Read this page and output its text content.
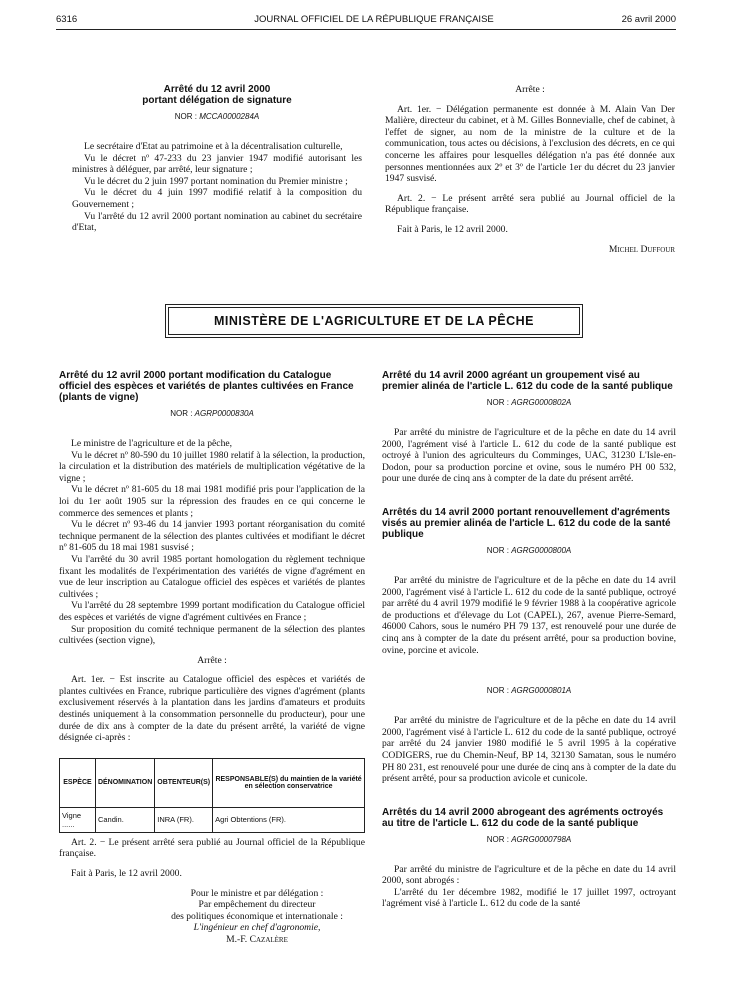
6316	JOURNAL OFFICIEL DE LA RÉPUBLIQUE FRANÇAISE	26 avril 2000
Arrêté du 12 avril 2000
portant délégation de signature
NOR : MCCA0000284A

Le secrétaire d'Etat au patrimoine et à la décentralisation culturelle,

Vu le décret nº 47-233 du 23 janvier 1947 modifié autorisant les ministres à déléguer, par arrêté, leur signature ;

Vu le décret du 2 juin 1997 portant nomination du Premier ministre ;

Vu le décret du 4 juin 1997 modifié relatif à la composition du Gouvernement ;

Vu l'arrêté du 12 avril 2000 portant nomination au cabinet du secrétaire d'Etat,

Arrête :

Art. 1er. − Délégation permanente est donnée à M. Alain Van Der Malière, directeur du cabinet, et à M. Gilles Bonnevialle, chef de cabinet, à l'effet de signer, au nom de la ministre de la culture et de la communication, tous actes ou décisions, à l'exclusion des décrets, en ce qui concerne les affaires pour lesquelles délégation n'a pas été donnée aux personnes mentionnées aux 2º et 3º de l'article 1er du décret du 23 janvier 1947 susvisé.

Art. 2. − Le présent arrêté sera publié au Journal officiel de la République française.

Fait à Paris, le 12 avril 2000.

Michel Duffour

MINISTÈRE DE L'AGRICULTURE ET DE LA PÊCHE
Arrêté du 12 avril 2000 portant modification du Catalogue officiel des espèces et variétés de plantes cultivées en France (plants de vigne)
NOR : AGRP0000830A

Le ministre de l'agriculture et de la pêche,

Vu le décret nº 80-590 du 10 juillet 1980 relatif à la sélection, la production, la circulation et la distribution des matériels de multiplication végétative de la vigne ;

Vu le décret nº 81-605 du 18 mai 1981 modifié pris pour l'application de la loi du 1er août 1905 sur la répression des fraudes en ce qui concerne le commerce des semences et plants ;

Vu le décret nº 93-46 du 14 janvier 1993 portant réorganisation du comité technique permanent de la sélection des plantes cultivées et modifiant le décret nº 81-605 du 18 mai 1981 susvisé ;

Vu l'arrêté du 30 avril 1985 portant homologation du règlement technique fixant les modalités de l'expérimentation des variétés de vigne d'agrément en vue de leur inscription au Catalogue officiel des espèces et variétés de plantes cultivées ;

Vu l'arrêté du 28 septembre 1999 portant modification du Catalogue officiel des espèces et variétés de vigne d'agrément cultivées en France ;

Sur proposition du comité technique permanent de la sélection des plantes cultivées (section vigne),

Arrête :

Art. 1er. − Est inscrite au Catalogue officiel des espèces et variétés de plantes cultivées en France, rubrique particulière des vignes d'agrément (plants exclusivement réservés à la plantation dans les jardins d'amateurs et produits destinés uniquement à la consommation personnelle du producteur), pour une durée de dix ans à compter de la date du présent arrêté, la variété de vigne désignée ci-après :

ESPÈCE	DÉNOMINATION	OBTENTEUR(S)	RESPONSABLE(S) du maintien de la variété en sélection conservatrice
Vigne ......	Candin.	INRA (FR).	Agri Obtentions (FR).

Art. 2. − Le présent arrêté sera publié au Journal officiel de la République française.

Fait à Paris, le 12 avril 2000.

Pour le ministre et par délégation :

Par empêchement du directeur

des politiques économique et internationale :

L'ingénieur en chef d'agronomie,

M.-F. Cazalère

Arrêté du 14 avril 2000 agréant un groupement visé au premier alinéa de l'article L. 612 du code de la santé publique
NOR : AGRG0000802A

Par arrêté du ministre de l'agriculture et de la pêche en date du 14 avril 2000, l'agrément visé à l'article L. 612 du code de la santé publique est octroyé à l'union des agriculteurs du Comminges, UAC, 31230 L'Isle-en-Dodon, pour sa production porcine et ovine, sous le numéro PH 00 532, pour une durée de cinq ans à compter de la date du présent arrêté.

Arrêtés du 14 avril 2000 portant renouvellement d'agréments visés au premier alinéa de l'article L. 612 du code de la santé publique
NOR : AGRG0000800A

Par arrêté du ministre de l'agriculture et de la pêche en date du 14 avril 2000, l'agrément visé à l'article L. 612 du code de la santé publique, octroyé par arrêté du 4 avril 1979 modifié le 9 février 1988 à la coopérative agricole de productions et d'élevage du Lot (CAPEL), 267, avenue Pierre-Semard, 46000 Cahors, sous le numéro PH 79 137, est renouvelé pour une durée de cinq ans à compter de la date du présent arrêté, pour sa production bovine, ovine, porcine et avicole.

NOR : AGRG0000801A

Par arrêté du ministre de l'agriculture et de la pêche en date du 14 avril 2000, l'agrément visé à l'article L. 612 du code de la santé publique, octroyé par arrêté du 24 janvier 1980 modifié le 5 avril 1995 à la copérative CODIGERS, rue du Chemin-Neuf, BP 14, 32130 Samatan, sous le numéro PH 80 231, est renouvelé pour une durée de cinq ans à compter de la date du présent arrêté, pour sa production avicole et cunicole.

Arrêtés du 14 avril 2000 abrogeant des agréments octroyés au titre de l'article L. 612 du code de la santé publique
NOR : AGRG0000798A

Par arrêté du ministre de l'agriculture et de la pêche en date du 14 avril 2000, sont abrogés :

L'arrêté du 1er décembre 1982, modifié le 17 juillet 1997, octroyant l'agrément visé à l'article L. 612 du code de la santé
